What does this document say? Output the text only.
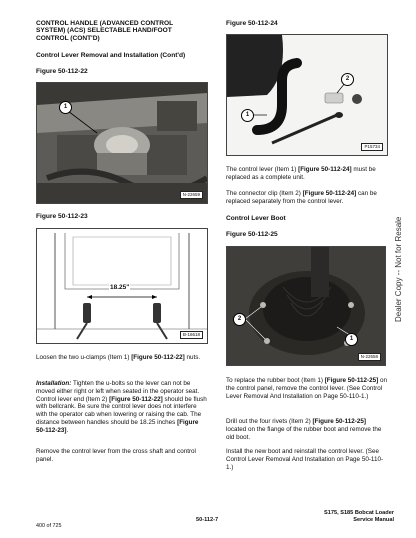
CONTROL HANDLE (ADVANCED CONTROL
SYSTEM) (ACS) SELECTABLE HAND/FOOT
CONTROL (CONT'D)
Control Lever Removal and Installation (Cont'd)
Figure 50-112-22
1
N-22659
Figure 50-112-23
18.25"
B-16618
Loosen the two u-clamps (Item 1) [Figure 50-112-22] nuts.
Installation: Tighten the u-bolts so the lever can not be moved either right or left when seated in the operator seat. Control lever end (Item 2) [Figure 50-112-22] should be flush with bellcrank. Be sure the control lever does not interfere with the operator cab when lowering or raising the cab. The distance between handles should be 18.25 inches [Figure 50-112-23].
Remove the control lever from the cross shaft and control panel.
Figure 50-112-24
1
2
P15734
The control lever (Item 1) [Figure 50-112-24] must be replaced as a complete unit.
The connector clip (Item 2) [Figure 50-112-24] can be replaced separately from the control lever.
Control Lever Boot
Figure 50-112-25
2
1
N-22658
To replace the rubber boot (Item 1) [Figure 50-112-25] on the control panel, remove the control lever. (See Control Lever Removal And Installation on Page 50-110-1.)
Drill out the four rivets (Item 2) [Figure 50-112-25] located on the flange of the rubber boot and remove the old boot.
Install the new boot and reinstall the control lever. (See Control Lever Removal And Installation on Page 50-110-1.)
Dealer Copy -- Not for Resale
S175, S185 Bobcat Loader
Service Manual
50-112-7
400 of 725
